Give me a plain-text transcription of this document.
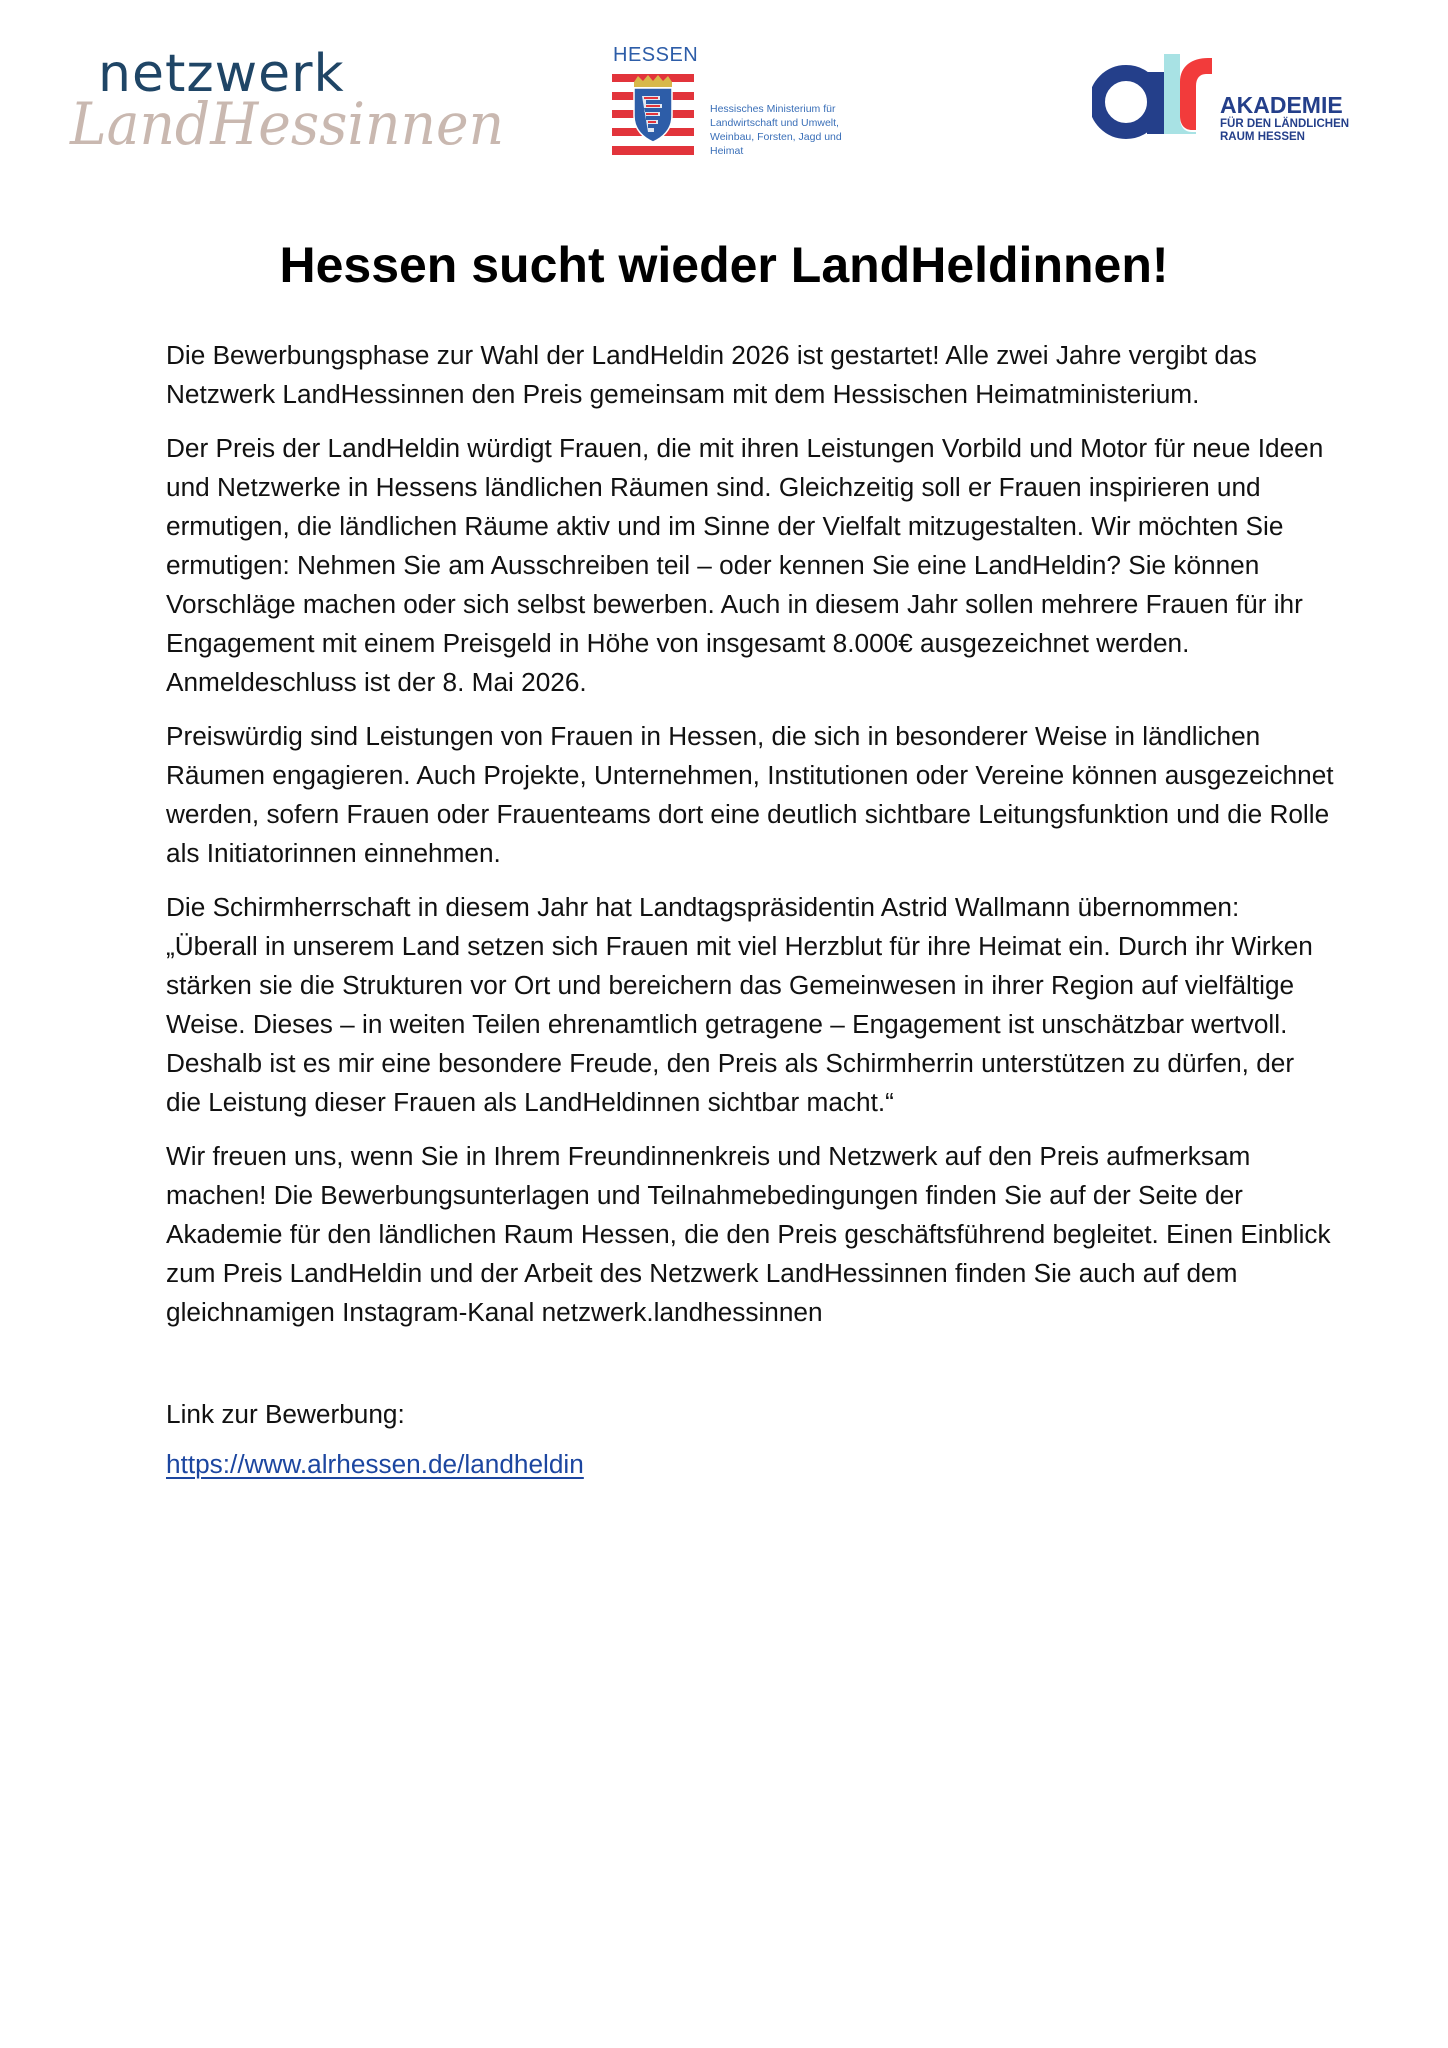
netzwerk
LandHessinnen
HESSEN
Hessisches Ministerium für Landwirtschaft und Umwelt, Weinbau, Forsten, Jagd und Heimat
AKADEMIE
FÜR DEN LÄNDLICHEN
RAUM HESSEN
Hessen sucht wieder LandHeldinnen!

Die Bewerbungsphase zur Wahl der LandHeldin 2026 ist gestartet! Alle zwei Jahre vergibt das Netzwerk LandHessinnen den Preis gemeinsam mit dem Hessischen Heimatministerium.

Der Preis der LandHeldin würdigt Frauen, die mit ihren Leistungen Vorbild und Motor für neue Ideen und Netzwerke in Hessens ländlichen Räumen sind. Gleichzeitig soll er Frauen inspirieren und ermutigen, die ländlichen Räume aktiv und im Sinne der Vielfalt mitzugestalten. Wir möchten Sie ermutigen: Nehmen Sie am Ausschreiben teil – oder kennen Sie eine LandHeldin? Sie können Vorschläge machen oder sich selbst bewerben. Auch in diesem Jahr sollen mehrere Frauen für ihr Engagement mit einem Preisgeld in Höhe von insgesamt 8.000€ ausgezeichnet werden. Anmeldeschluss ist der 8. Mai 2026.

Preiswürdig sind Leistungen von Frauen in Hessen, die sich in besonderer Weise in ländlichen Räumen engagieren. Auch Projekte, Unternehmen, Institutionen oder Vereine können ausgezeichnet werden, sofern Frauen oder Frauenteams dort eine deutlich sichtbare Leitungsfunktion und die Rolle als Initiatorinnen einnehmen.

Die Schirmherrschaft in diesem Jahr hat Landtagspräsidentin Astrid Wallmann übernommen: „Überall in unserem Land setzen sich Frauen mit viel Herzblut für ihre Heimat ein. Durch ihr Wirken stärken sie die Strukturen vor Ort und bereichern das Gemeinwesen in ihrer Region auf vielfältige Weise. Dieses – in weiten Teilen ehrenamtlich getragene – Engagement ist unschätzbar wertvoll. Deshalb ist es mir eine besondere Freude, den Preis als Schirmherrin unterstützen zu dürfen, der die Leistung dieser Frauen als LandHeldinnen sichtbar macht.“

Wir freuen uns, wenn Sie in Ihrem Freundinnenkreis und Netzwerk auf den Preis aufmerksam machen! Die Bewerbungsunterlagen und Teilnahmebedingungen finden Sie auf der Seite der Akademie für den ländlichen Raum Hessen, die den Preis geschäftsführend begleitet. Einen Einblick zum Preis LandHeldin und der Arbeit des Netzwerk LandHessinnen finden Sie auch auf dem gleichnamigen Instagram-Kanal netzwerk.landhessinnen

Link zur Bewerbung:
https://www.alrhessen.de/landheldin
